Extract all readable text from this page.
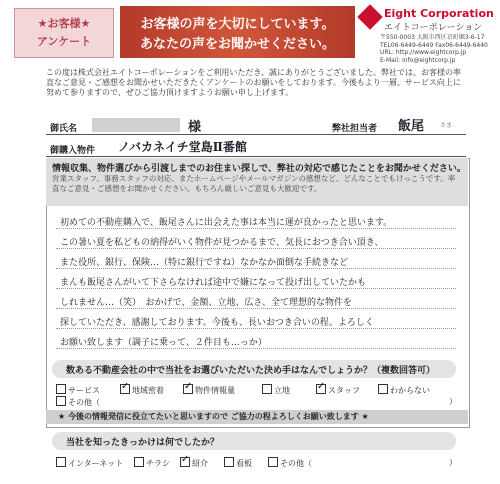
★お客様★
アンケート
お客様の声を大切にしています。
あなたの声をお聞かせください。
Eight Corporation
エイトコーポレーション
〒550-0003 大阪市西区京町堀3-6-17
TEL06-6449-6449 Fax06-6449-6440
URL: http://www.eightcorp.jp
E-Mail: info@eightcorp.jp
この度は株式会社エイトコーポレーションをご利用いただき、誠にありがとうございました。弊社では、お客様の率直なご意見・ご感想をお聞かせいただきたくアンケートのお願いをしております。今後もより一層、サービス向上に努めて参りますので、ぜひご協力頂けますようお願い申し上げます。
御氏名	様	弊社担当者 飯尾	さま
御購入物件 ノバカネイチ堂島Ⅱ番館
情報収集、物件選びから引渡しまでのお住まい探しで、弊社の対応で感じたことをお聞かせください。
営業スタッフ、事務スタッフの対応、またホームページやメールマガジンの感想など、どんなことでもけっこうです。率直なご意見・ご感想をお聞かせください。もちろん厳しいご意見も大歓迎です。
初めての不動産購入で、飯尾さんに出会えた事は本当に運が良かったと思います。
この暑い夏を私どもの納得がいく物件が見つかるまで、気長におつき合い頂き、
また役所、銀行、保険…（特に銀行ですね）なかなか面倒な手続きなど
まんも飯尾さんがいて下さらなければ途中で嫌になって投げ出していたかも
しれません…（笑）　おかげで、金額、立地、広さ、全て理想的な物件を
探していただき、感謝しております。今後も、長いおつき合いの程、よろしく
お願い致します（調子に乗って、２件目も…っか）
数ある不動産会社の中で当社をお選びいただいた決め手はなんでしょうか？（複数回答可）
サービス ✓	地域密着 ✓	物件情報量	立地 ✓	スタッフ	わからない
その他（	）
★ 今後の情報発信に役立てたいと思いますので ご協力の程よろしくお願い致します ★
当社を知ったきっかけは何でしたか？
インターネット	チラシ ✓	紹介	看板	その他（	）
